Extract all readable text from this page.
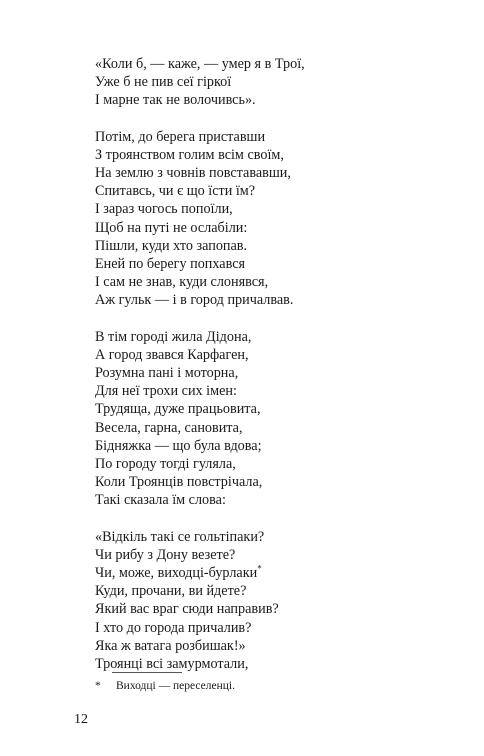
«Коли б, — каже, — умер я в Трої,
Уже б не пив сеї гіркої
І марне так не волочивсь».
Потім, до берега приставши
З троянством голим всім своїм,
На землю з човнів повстававши,
Спитавсь, чи є що їсти їм?
І зараз чогось попоїли,
Щоб на путі не ослабіли:
Пішли, куди хто запопав.
Еней по берегу попхався
І сам не знав, куди слонявся,
Аж гульк — і в город причалвав.
В тім городі жила Дідона,
А город звався Карфаген,
Розумна пані і моторна,
Для неї трохи сих імен:
Трудяща, дуже працьовита,
Весела, гарна, сановита,
Бідняжка — що була вдова;
По городу тогді гуляла,
Коли Троянців повстрічала,
Такі сказала їм слова:
«Відкіль такі се гольтіпаки?
Чи рибу з Дону везете?
Чи, може, виходці-бурлаки*
Куди, прочани, ви йдете?
Який вас враг сюди направив?
І хто до города причалив?
Яка ж ватага розбишак!»
Троянці всі замурмотали,
* Виходці — переселенці.
12
